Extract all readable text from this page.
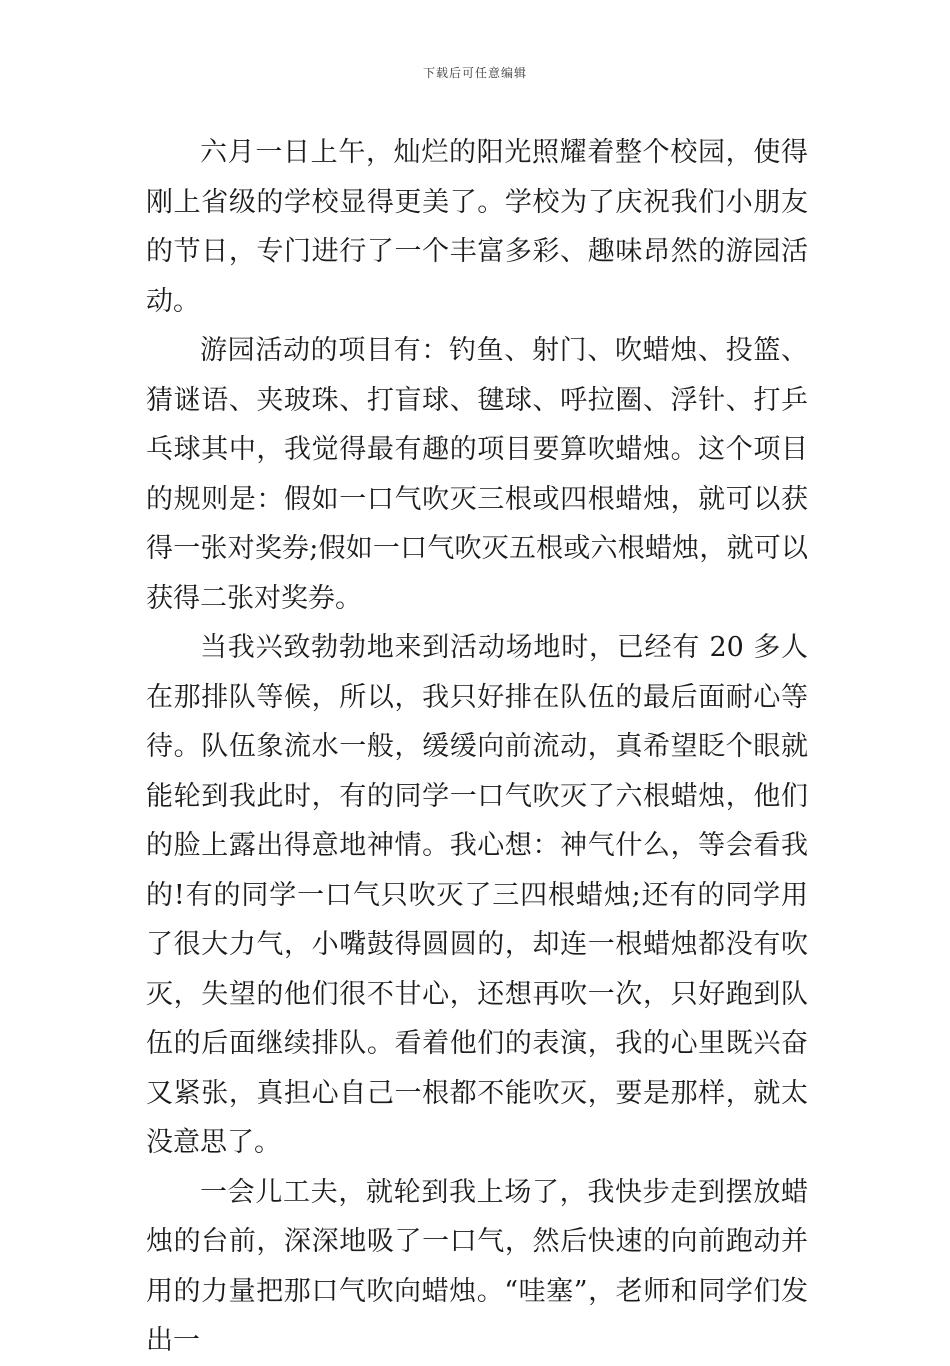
下载后可任意编辑

六月一日上午，灿烂的阳光照耀着整个校园，使得刚上省级的学校显得更美了。学校为了庆祝我们小朋友的节日，专门进行了一个丰富多彩、趣味昂然的游园活动。

游园活动的项目有：钓鱼、射门、吹蜡烛、投篮、猜谜语、夹玻珠、打盲球、毽球、呼拉圈、浮针、打乒乓球其中，我觉得最有趣的项目要算吹蜡烛。这个项目的规则是：假如一口气吹灭三根或四根蜡烛，就可以获得一张对奖券;假如一口气吹灭五根或六根蜡烛，就可以获得二张对奖券。

当我兴致勃勃地来到活动场地时，已经有 20 多人在那排队等候，所以，我只好排在队伍的最后面耐心等待。队伍象流水一般，缓缓向前流动，真希望眨个眼就能轮到我此时，有的同学一口气吹灭了六根蜡烛，他们的脸上露出得意地神情。我心想：神气什么，等会看我的!有的同学一口气只吹灭了三四根蜡烛;还有的同学用了很大力气，小嘴鼓得圆圆的，却连一根蜡烛都没有吹灭，失望的他们很不甘心，还想再吹一次，只好跑到队伍的后面继续排队。看着他们的表演，我的心里既兴奋又紧张，真担心自己一根都不能吹灭，要是那样，就太没意思了。

一会儿工夫，就轮到我上场了，我快步走到摆放蜡烛的台前，深深地吸了一口气，然后快速的向前跑动并用的力量把那口气吹向蜡烛。“哇塞”，老师和同学们发出一
